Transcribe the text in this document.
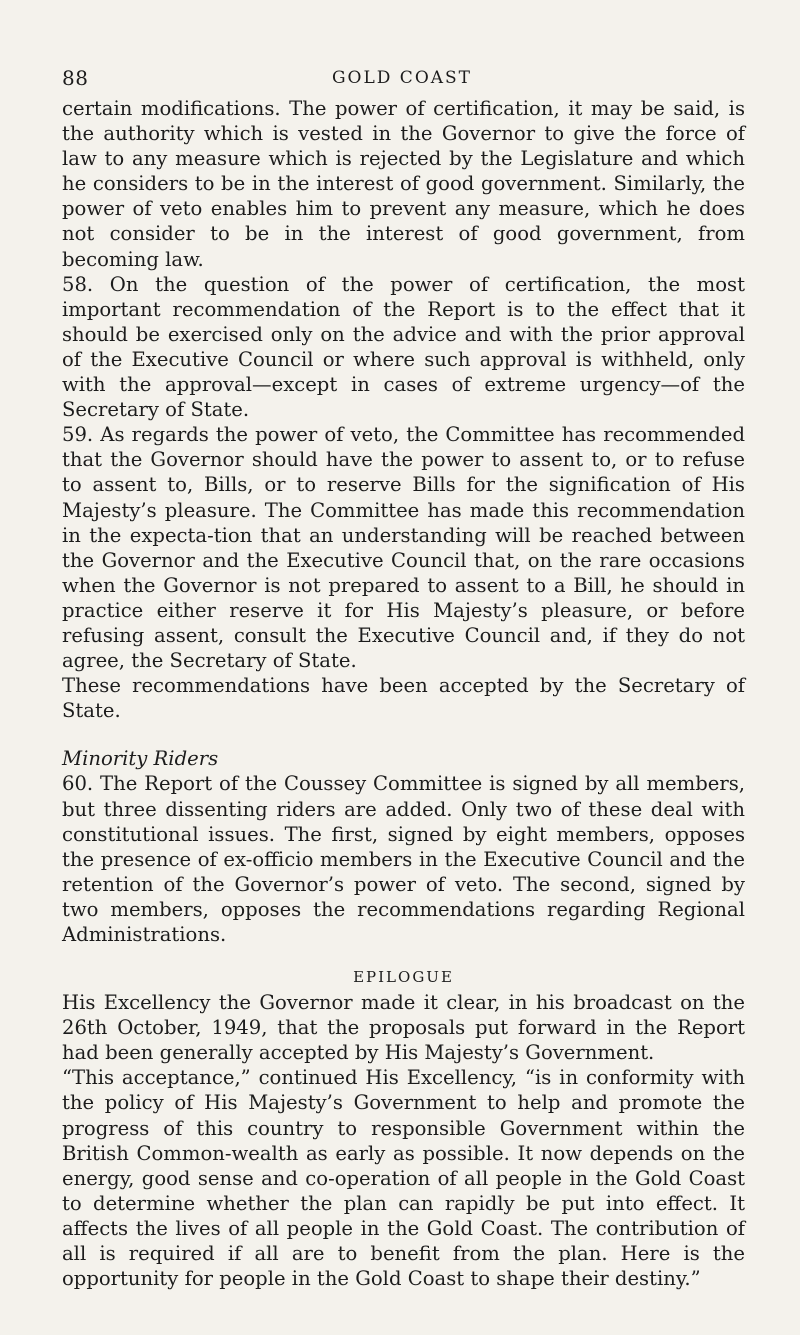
88	GOLD COAST

certain modifications. The power of certification, it may be said, is the authority which is vested in the Governor to give the force of law to any measure which is rejected by the Legislature and which he considers to be in the interest of good government. Similarly, the power of veto enables him to prevent any measure, which he does not consider to be in the interest of good government, from becoming law.

58. On the question of the power of certification, the most important recommendation of the Report is to the effect that it should be exercised only on the advice and with the prior approval of the Executive Council or where such approval is withheld, only with the approval—except in cases of extreme urgency—of the Secretary of State.

59. As regards the power of veto, the Committee has recommended that the Governor should have the power to assent to, or to refuse to assent to, Bills, or to reserve Bills for the signification of His Majesty’s pleasure. The Committee has made this recommendation in the expecta-tion that an understanding will be reached between the Governor and the Executive Council that, on the rare occasions when the Governor is not prepared to assent to a Bill, he should in practice either reserve it for His Majesty’s pleasure, or before refusing assent, consult the Executive Council and, if they do not agree, the Secretary of State.

These recommendations have been accepted by the Secretary of State.

Minority Riders

60. The Report of the Coussey Committee is signed by all members, but three dissenting riders are added. Only two of these deal with constitutional issues. The first, signed by eight members, opposes the presence of ex-officio members in the Executive Council and the retention of the Governor’s power of veto. The second, signed by two members, opposes the recommendations regarding Regional Administrations.

EPILOGUE

His Excellency the Governor made it clear, in his broadcast on the 26th October, 1949, that the proposals put forward in the Report had been generally accepted by His Majesty’s Government.

“This acceptance,” continued His Excellency, “is in conformity with the policy of His Majesty’s Government to help and promote the progress of this country to responsible Government within the British Common-wealth as early as possible. It now depends on the energy, good sense and co-operation of all people in the Gold Coast to determine whether the plan can rapidly be put into effect. It affects the lives of all people in the Gold Coast. The contribution of all is required if all are to benefit from the plan. Here is the opportunity for people in the Gold Coast to shape their destiny.”
